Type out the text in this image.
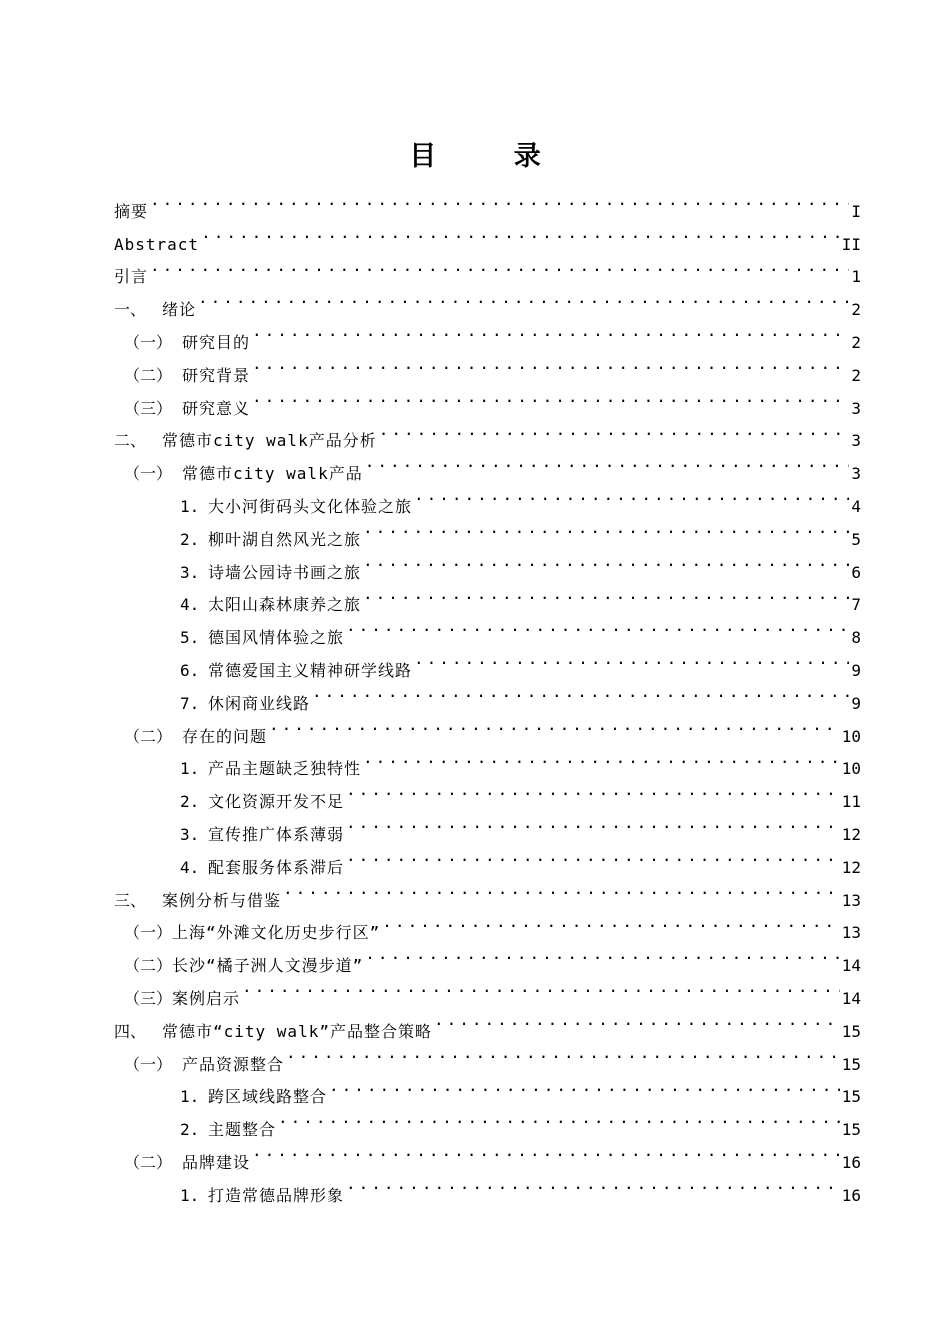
目 录
摘要 .....	I
Abstract .....	II
引言 .....	1
一、 绪论 .....	2
（一） 研究目的 .....	2
（二） 研究背景 .....	2
（三） 研究意义 .....	3
二、 常德市city walk产品分析 .....	3
（一） 常德市city walk产品 .....	3
1. 大小河街码头文化体验之旅 .....	4
2. 柳叶湖自然风光之旅 .....	5
3. 诗墙公园诗书画之旅 .....	6
4. 太阳山森林康养之旅 .....	7
5. 德国风情体验之旅 .....	8
6. 常德爱国主义精神研学线路 .....	9
7. 休闲商业线路 .....	9
（二） 存在的问题 .....	10
1. 产品主题缺乏独特性 .....	10
2. 文化资源开发不足 .....	11
3. 宣传推广体系薄弱 .....	12
4. 配套服务体系滞后 .....	12
三、 案例分析与借鉴 .....	13
（一） 上海“外滩文化历史步行区” .....	13
（二） 长沙“橘子洲人文漫步道” .....	14
（三） 案例启示 .....	14
四、 常德市“city walk”产品整合策略 .....	15
（一） 产品资源整合 .....	15
1. 跨区域线路整合 .....	15
2. 主题整合 .....	15
（二） 品牌建设 .....	16
1. 打造常德品牌形象 .....	16
